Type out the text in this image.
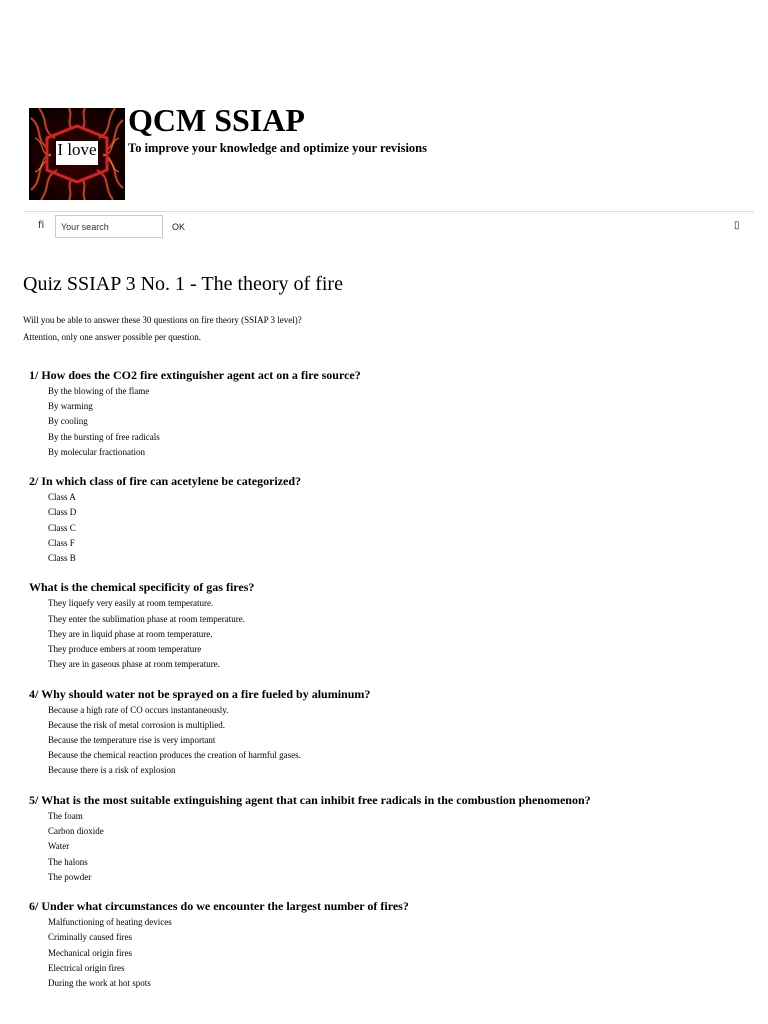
I love
QCM SSIAP

To improve your knowledge and optimize your revisions

ﬁ
Your search	OK	▯
Quiz SSIAP 3 No. 1 - The theory of fire

Will you be able to answer these 30 questions on fire theory (SSIAP 3 level)?

Attention, only one answer possible per question.

1/ How does the CO2 fire extinguisher agent act on a fire source?

By the blowing of the flame
By warming
By cooling
By the bursting of free radicals
By molecular fractionation

2/ In which class of fire can acetylene be categorized?

Class A
Class D
Class C
Class F
Class B

What is the chemical specificity of gas fires?

They liquefy very easily at room temperature.
They enter the sublimation phase at room temperature.
They are in liquid phase at room temperature.
They produce embers at room temperature
They are in gaseous phase at room temperature.

4/ Why should water not be sprayed on a fire fueled by aluminum?

Because a high rate of CO occurs instantaneously.
Because the risk of metal corrosion is multiplied.
Because the temperature rise is very important
Because the chemical reaction produces the creation of harmful gases.
Because there is a risk of explosion

5/ What is the most suitable extinguishing agent that can inhibit free radicals in the combustion phenomenon?

The foam
Carbon dioxide
Water
The halons
The powder

6/ Under what circumstances do we encounter the largest number of fires?

Malfunctioning of heating devices
Criminally caused fires
Mechanical origin fires
Electrical origin fires
During the work at hot spots
